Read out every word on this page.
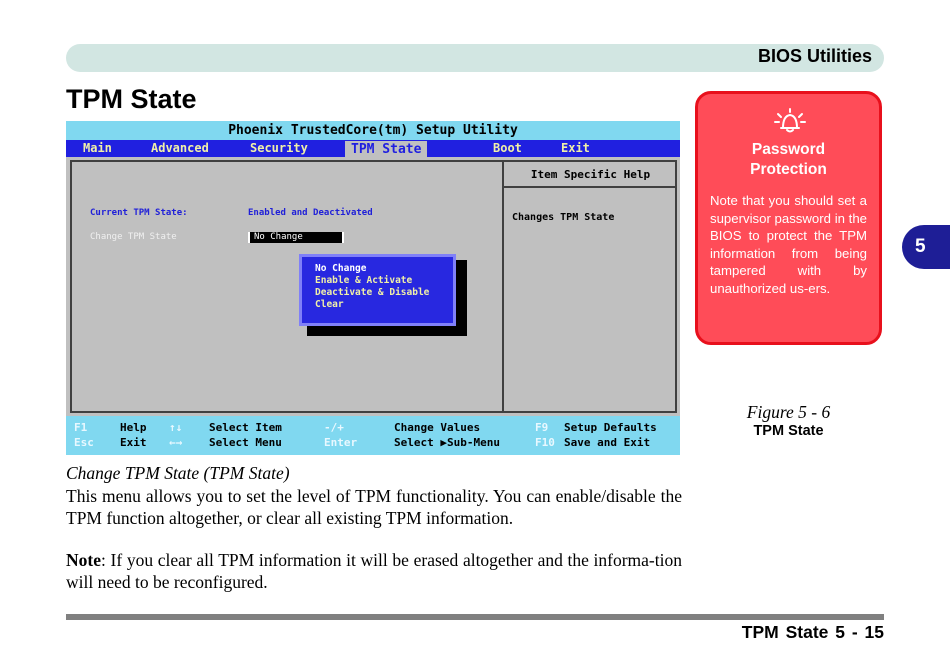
BIOS Utilities
TPM State
5
Phoenix TrustedCore(tm) Setup Utility
Main	Advanced	Security	TPM State	Boot	Exit
Item Specific Help
Changes TPM State
Current TPM State:	Enabled and Deactivated
Change TPM State	No Change
No Change
Enable & Activate
Deactivate & Disable
Clear
F1	Help ↑↓ Select Item	-/+	Change Values	F9 Setup Defaults
Esc Exit ←→ Select Menu	Enter	Select ▶Sub-Menu	F10 Save and Exit
Password
Protection
Note that you should set a supervisor password in the BIOS to protect the TPM information from being tampered with by unauthorized us-ers.
Figure 5 - 6
TPM State
Change TPM State (TPM State)
This menu allows you to set the level of TPM functionality. You can enable/disable the TPM function altogether, or clear all existing TPM information.
Note: If you clear all TPM information it will be erased altogether and the informa-tion will need to be reconfigured.
TPM State 5 - 15
